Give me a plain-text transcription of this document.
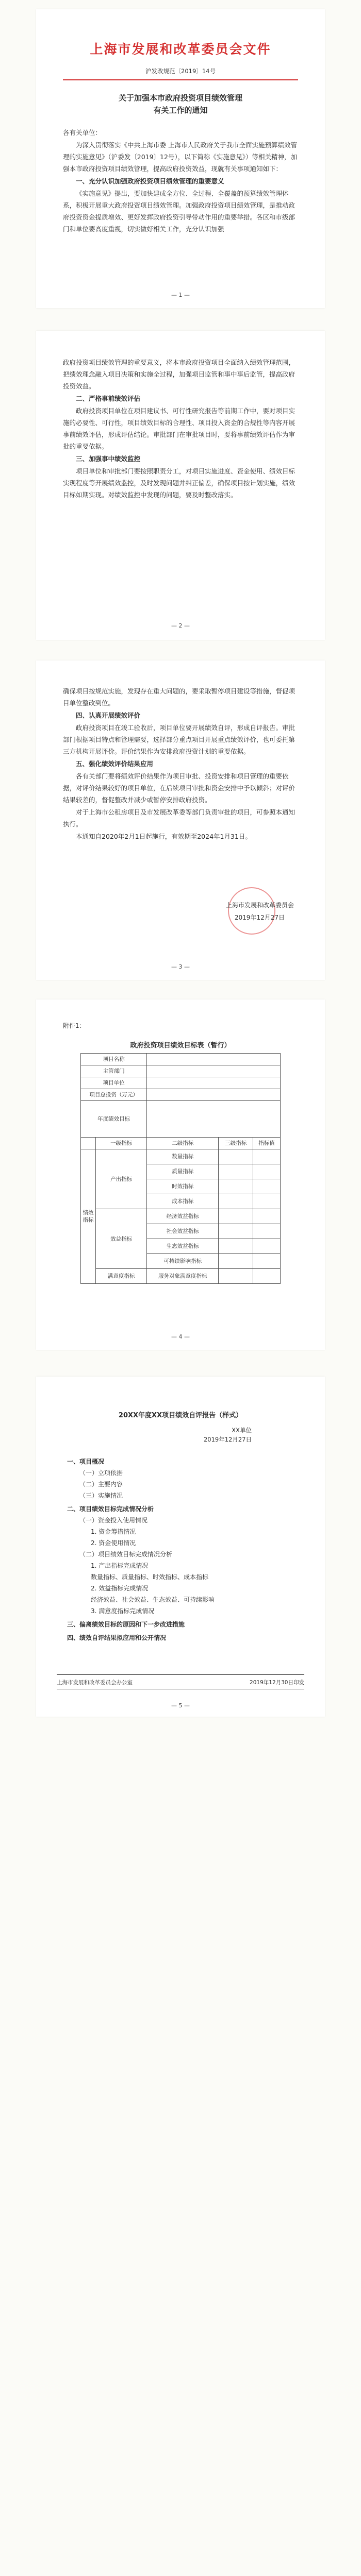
上海市发展和改革委员会文件
沪发改规范〔2019〕14号
关于加强本市政府投资项目绩效管理
有关工作的通知
各有关单位：
为深入贯彻落实《中共上海市委 上海市人民政府关于我市全面实施预算绩效管理的实施意见》（沪委发〔2019〕12号），以下简称《实施意见》）等相关精神，加强本市政府投资项目绩效管理，提高政府投资效益，现就有关事项通知如下：
一、充分认识加强政府投资项目绩效管理的重要意义
《实施意见》提出，要加快建成全方位、全过程、全覆盖的预算绩效管理体系，积极开展重大政府投资项目绩效管理。加强政府投资项目绩效管理，是推动政府投资资金提质增效、更好发挥政府投资引导带动作用的重要举措。各区和市级部门和单位要高度重视，切实做好相关工作，充分认识加强
— 1 —
政府投资项目绩效管理的重要意义，将本市政府投资项目全面纳入绩效管理范围，把绩效理念融入项目决策和实施全过程，加强项目监管和事中事后监管，提高政府投资效益。
二、严格事前绩效评估
政府投资项目单位在项目建议书、可行性研究报告等前期工作中，要对项目实施的必要性、可行性，项目绩效目标的合理性、项目投入资金的合规性等内容开展事前绩效评估，形成评估结论。审批部门在审批项目时，要将事前绩效评估作为审批的重要依据。
三、加强事中绩效监控
项目单位和审批部门要按照职责分工，对项目实施进度、资金使用、绩效目标实现程度等开展绩效监控，及时发现问题并纠正偏差，确保项目按计划实施，绩效目标如期实现。对绩效监控中发现的问题，要及时整改落实。
— 2 —
确保项目按规范实施，发现存在重大问题的，要采取暂停项目建设等措施，督促项目单位整改到位。
四、认真开展绩效评价
政府投资项目在竣工验收后，项目单位要开展绩效自评，形成自评报告。审批部门根据项目特点和管理需要，选择部分重点项目开展重点绩效评价，也可委托第三方机构开展评价。评价结果作为安排政府投资计划的重要依据。
五、强化绩效评价结果应用
各有关部门要将绩效评价结果作为项目审批、投资安排和项目管理的重要依据，对评价结果较好的项目单位，在后续项目审批和资金安排中予以倾斜；对评价结果较差的，督促整改并减少或暂停安排政府投资。
对于上海市公租房项目及市发展改革委等部门负责审批的项目，可参照本通知执行。
本通知自2020年2月1日起施行，有效期至2024年1月31日。
上海市发展和改革委员会
2019年12月27日
— 3 —
附件1：
政府投资项目绩效目标表（暂行）
项目名称				
主管部门				
项目单位				
项目总投资（万元）				
年度绩效目标				
	一级指标	二级指标	三级指标	指标值
绩效指标	产出指标	数量指标		
		质量指标		
		时效指标		
		成本指标		
	效益指标	经济效益指标		
		社会效益指标		
		生态效益指标		
		可持续影响指标		
	满意度指标	服务对象满意度指标		
— 4 —
20XX年度XX项目绩效自评报告（样式）
XX单位
2019年12月27日
一、项目概况
（一）立项依据
（二）主要内容
（三）实施情况
二、项目绩效目标完成情况分析
（一）资金投入使用情况
1. 资金筹措情况
2. 资金使用情况
（二）项目绩效目标完成情况分析
1. 产出指标完成情况
数量指标、质量指标、时效指标、成本指标
2. 效益指标完成情况
经济效益、社会效益、生态效益、可持续影响
3. 满意度指标完成情况
三、偏离绩效目标的原因和下一步改进措施
四、绩效自评结果拟应用和公开情况
上海市发展和改革委员会办公室	2019年12月30日印发
— 5 —
